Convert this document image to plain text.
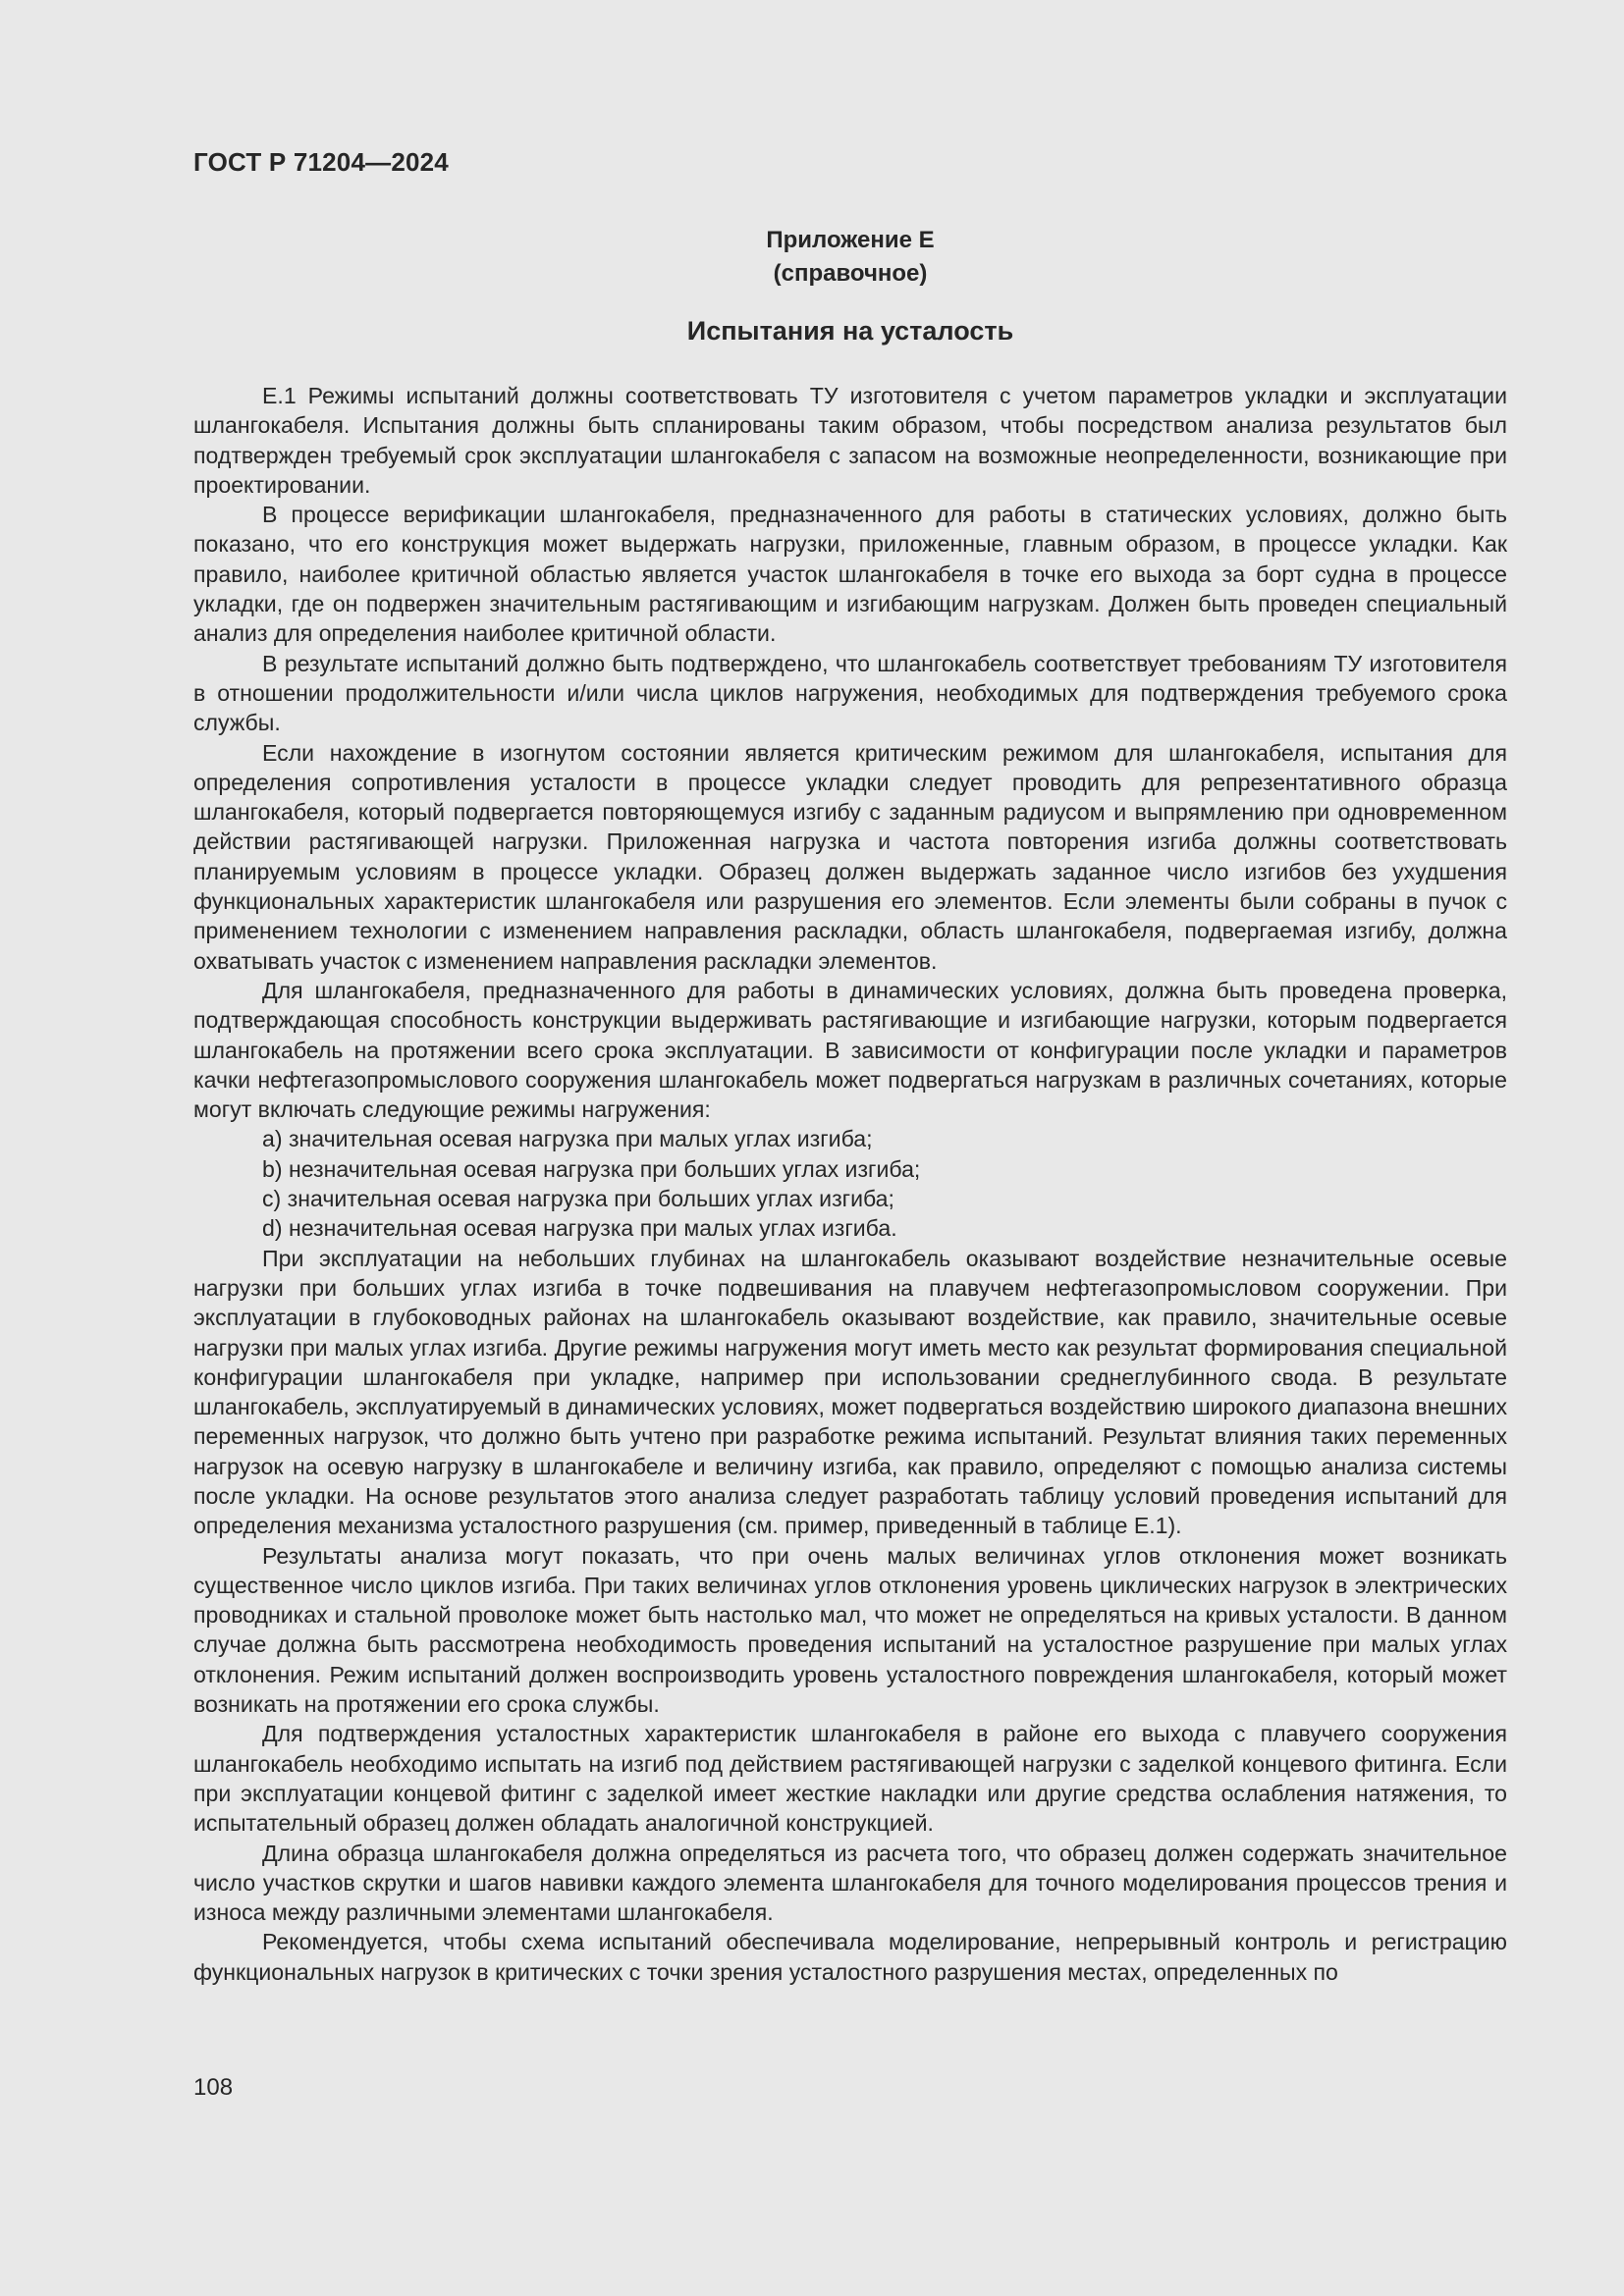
ГОСТ Р 71204—2024
Приложение Е
(справочное)
Испытания на усталость

Е.1 Режимы испытаний должны соответствовать ТУ изготовителя с учетом параметров укладки и эксплуатации шлангокабеля. Испытания должны быть спланированы таким образом, чтобы посредством анализа результатов был подтвержден требуемый срок эксплуатации шлангокабеля с запасом на возможные неопределенности, возникающие при проектировании.

В процессе верификации шлангокабеля, предназначенного для работы в статических условиях, должно быть показано, что его конструкция может выдержать нагрузки, приложенные, главным образом, в процессе укладки. Как правило, наиболее критичной областью является участок шлангокабеля в точке его выхода за борт судна в процессе укладки, где он подвержен значительным растягивающим и изгибающим нагрузкам. Должен быть проведен специальный анализ для определения наиболее критичной области.

В результате испытаний должно быть подтверждено, что шлангокабель соответствует требованиям ТУ изготовителя в отношении продолжительности и/или числа циклов нагружения, необходимых для подтверждения требуемого срока службы.

Если нахождение в изогнутом состоянии является критическим режимом для шлангокабеля, испытания для определения сопротивления усталости в процессе укладки следует проводить для репрезентативного образца шлангокабеля, который подвергается повторяющемуся изгибу с заданным радиусом и выпрямлению при одновременном действии растягивающей нагрузки. Приложенная нагрузка и частота повторения изгиба должны соответствовать планируемым условиям в процессе укладки. Образец должен выдержать заданное число изгибов без ухудшения функциональных характеристик шлангокабеля или разрушения его элементов. Если элементы были собраны в пучок с применением технологии с изменением направления раскладки, область шлангокабеля, подвергаемая изгибу, должна охватывать участок с изменением направления раскладки элементов.

Для шлангокабеля, предназначенного для работы в динамических условиях, должна быть проведена проверка, подтверждающая способность конструкции выдерживать растягивающие и изгибающие нагрузки, которым подвергается шлангокабель на протяжении всего срока эксплуатации. В зависимости от конфигурации после укладки и параметров качки нефтегазопромыслового сооружения шлангокабель может подвергаться нагрузкам в различных сочетаниях, которые могут включать следующие режимы нагружения:

a) значительная осевая нагрузка при малых углах изгиба;

b) незначительная осевая нагрузка при больших углах изгиба;

c) значительная осевая нагрузка при больших углах изгиба;

d) незначительная осевая нагрузка при малых углах изгиба.

При эксплуатации на небольших глубинах на шлангокабель оказывают воздействие незначительные осевые нагрузки при больших углах изгиба в точке подвешивания на плавучем нефтегазопромысловом сооружении. При эксплуатации в глубоководных районах на шлангокабель оказывают воздействие, как правило, значительные осевые нагрузки при малых углах изгиба. Другие режимы нагружения могут иметь место как результат формирования специальной конфигурации шлангокабеля при укладке, например при использовании среднеглубинного свода. В результате шлангокабель, эксплуатируемый в динамических условиях, может подвергаться воздействию широкого диапазона внешних переменных нагрузок, что должно быть учтено при разработке режима испытаний. Результат влияния таких переменных нагрузок на осевую нагрузку в шлангокабеле и величину изгиба, как правило, определяют с помощью анализа системы после укладки. На основе результатов этого анализа следует разработать таблицу условий проведения испытаний для определения механизма усталостного разрушения (см. пример, приведенный в таблице Е.1).

Результаты анализа могут показать, что при очень малых величинах углов отклонения может возникать существенное число циклов изгиба. При таких величинах углов отклонения уровень циклических нагрузок в электрических проводниках и стальной проволоке может быть настолько мал, что может не определяться на кривых усталости. В данном случае должна быть рассмотрена необходимость проведения испытаний на усталостное разрушение при малых углах отклонения. Режим испытаний должен воспроизводить уровень усталостного повреждения шлангокабеля, который может возникать на протяжении его срока службы.

Для подтверждения усталостных характеристик шлангокабеля в районе его выхода с плавучего сооружения шлангокабель необходимо испытать на изгиб под действием растягивающей нагрузки с заделкой концевого фитинга. Если при эксплуатации концевой фитинг с заделкой имеет жесткие накладки или другие средства ослабления натяжения, то испытательный образец должен обладать аналогичной конструкцией.

Длина образца шлангокабеля должна определяться из расчета того, что образец должен содержать значительное число участков скрутки и шагов навивки каждого элемента шлангокабеля для точного моделирования процессов трения и износа между различными элементами шлангокабеля.

Рекомендуется, чтобы схема испытаний обеспечивала моделирование, непрерывный контроль и регистрацию функциональных нагрузок в критических с точки зрения усталостного разрушения местах, определенных по

108
